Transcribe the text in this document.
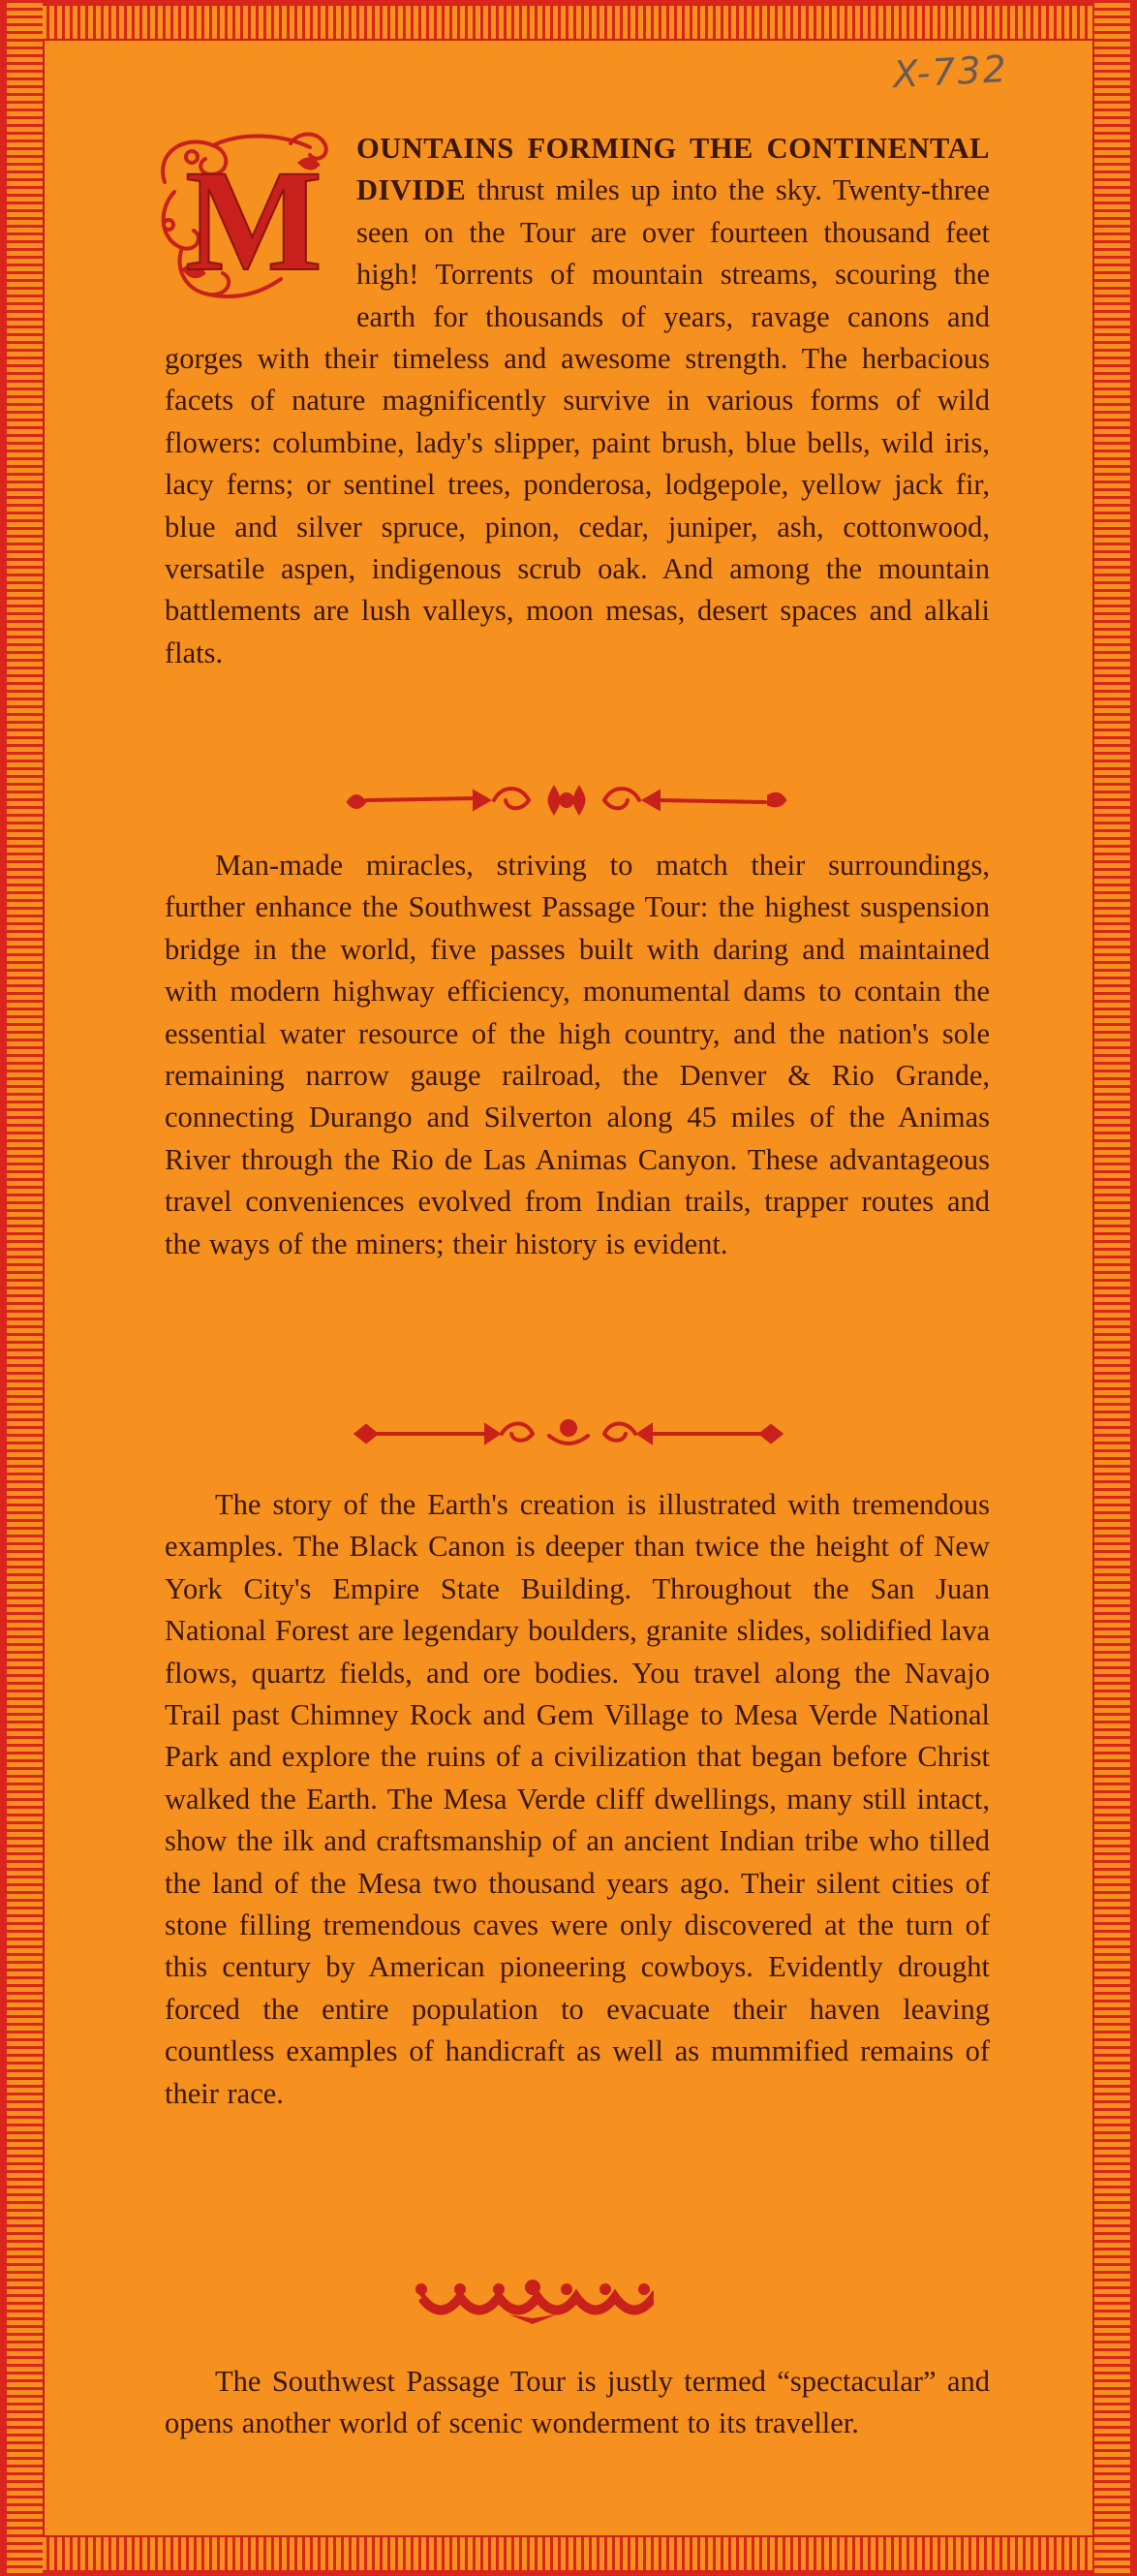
X-732

M OUNTAINS FORMING THE CONTINENTAL DIVIDE thrust miles up into the sky. Twenty-three seen on the Tour are over fourteen thousand feet high! Torrents of mountain streams, scouring the earth for thousands of years, ravage canons and gorges with their timeless and awesome strength. The herbacious facets of nature magnificently survive in various forms of wild flowers: columbine, lady's slipper, paint brush, blue bells, wild iris, lacy ferns; or sentinel trees, ponderosa, lodgepole, yellow jack fir, blue and silver spruce, pinon, cedar, juniper, ash, cottonwood, versatile aspen, indigenous scrub oak. And among the mountain battlements are lush valleys, moon mesas, desert spaces and alkali flats.

Man-made miracles, striving to match their surroundings, further enhance the Southwest Passage Tour: the highest suspension bridge in the world, five passes built with daring and maintained with modern highway efficiency, monumental dams to contain the essential water resource of the high country, and the nation's sole remaining narrow gauge railroad, the Denver & Rio Grande, connecting Durango and Silverton along 45 miles of the Animas River through the Rio de Las Animas Canyon. These advantageous travel conveniences evolved from Indian trails, trapper routes and the ways of the miners; their history is evident.

The story of the Earth's creation is illustrated with tremendous examples. The Black Canon is deeper than twice the height of New York City's Empire State Building. Throughout the San Juan National Forest are legendary boulders, granite slides, solidified lava flows, quartz fields, and ore bodies. You travel along the Navajo Trail past Chimney Rock and Gem Village to Mesa Verde National Park and explore the ruins of a civilization that began before Christ walked the Earth. The Mesa Verde cliff dwellings, many still intact, show the ilk and craftsmanship of an ancient Indian tribe who tilled the land of the Mesa two thousand years ago. Their silent cities of stone filling tremendous caves were only discovered at the turn of this century by American pioneering cowboys. Evidently drought forced the entire population to evacuate their haven leaving countless examples of handicraft as well as mummified remains of their race.

The Southwest Passage Tour is justly termed “spectacular” and opens another world of scenic wonderment to its traveller.
